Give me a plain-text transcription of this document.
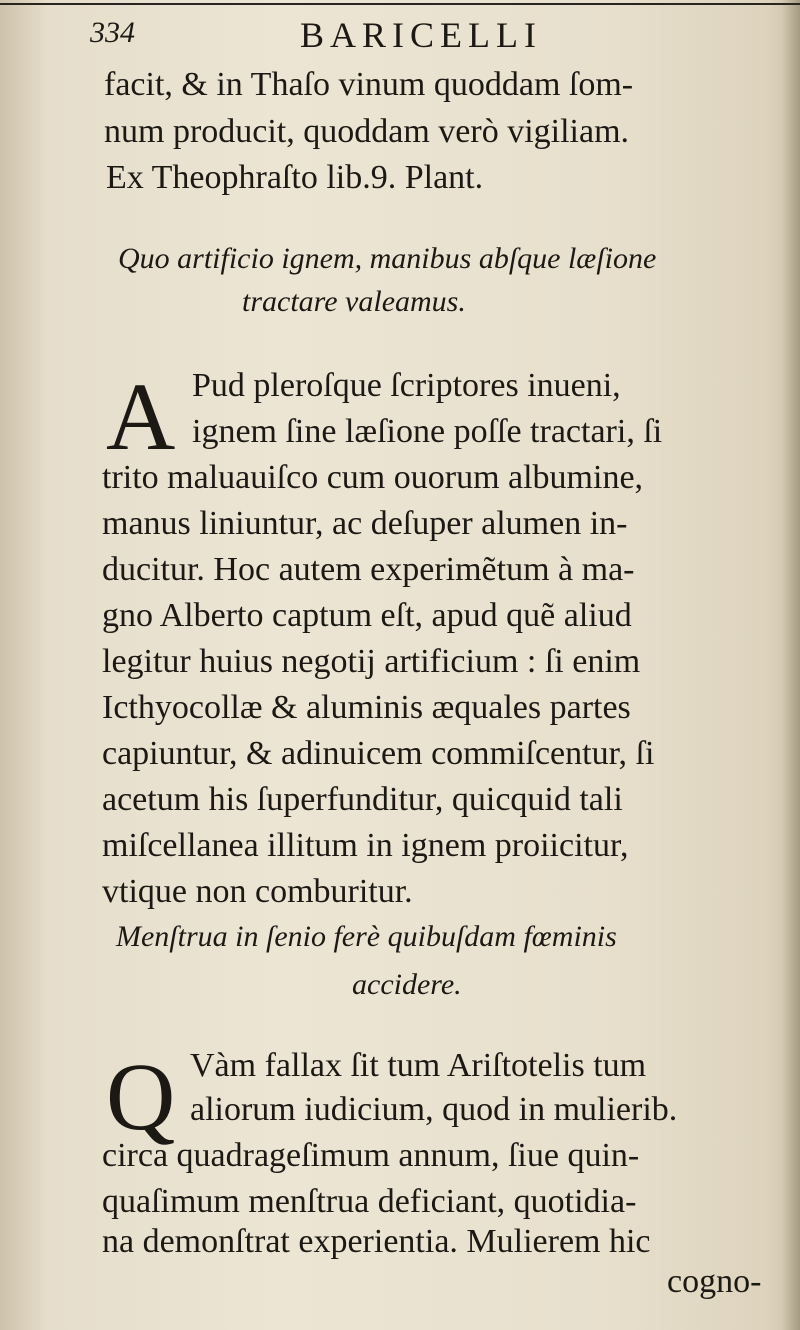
334	BARICELLI
facit, & in Thaſo vinum quoddam ſom-
num producit, quoddam verò vigiliam.
Ex Theophraſto lib.9. Plant.
Quo artificio ignem, manibus abſque læſione
tractare valeamus.
A Pud pleroſque ſcriptores inueni,
ignem ſine læſione poſſe tractari, ſi
trito maluauiſco cum ouorum albumine,
manus liniuntur, ac deſuper alumen in-
ducitur. Hoc autem experimẽtum à ma-
gno Alberto captum eſt, apud quẽ aliud
legitur huius negotij artificium : ſi enim
Icthyocollæ & aluminis æquales partes
capiuntur, & adinuicem commiſcentur, ſi
acetum his ſuperfunditur, quicquid tali
miſcellanea illitum in ignem proiicitur,
vtique non comburitur.
Menſtrua in ſenio ferè quibuſdam fœminis
accidere.
Q Vàm fallax ſit tum Ariſtotelis tum
aliorum iudicium, quod in mulierib.
circa quadrageſimum annum, ſiue quin-
quaſimum menſtrua deficiant, quotidia-
na demonſtrat experientia. Mulierem hic
cogno-
